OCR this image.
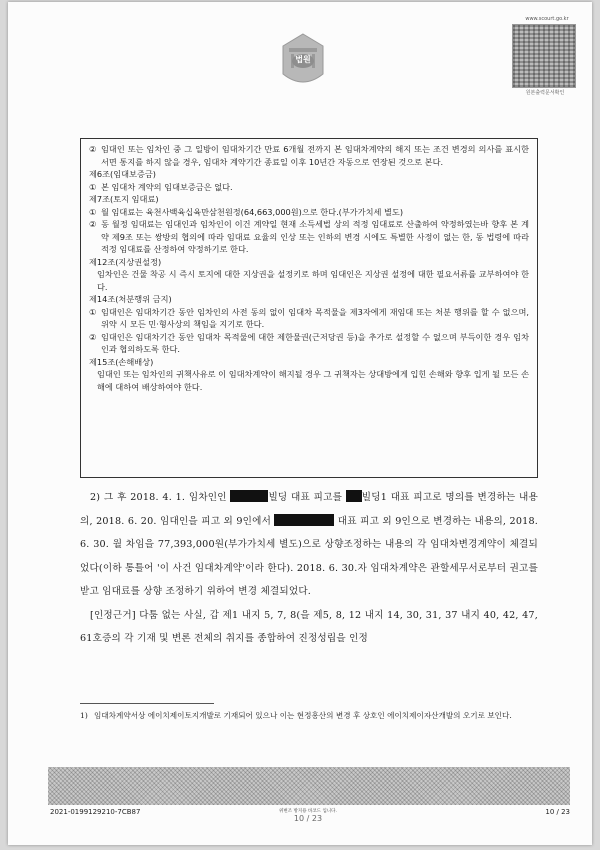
법원
www.scourt.go.kr
원본출력문서확인
② 임대인 또는 임차인 중 그 일방이 임대차기간 만료 6개월 전까지 본 임대차계약의 해지 또는 조건 변경의 의사를 표시한 서면 통지를 하지 않을 경우, 임대차 계약기간 종료일 이후 10년간 자동으로 연장된 것으로 본다.

제6조(임대보증금)

① 본 임대차 계약의 임대보증금은 없다.

제7조(토지 임대료)

① 월 임대료는 육천사백육십육만삼천원정(64,663,000원)으로 한다.(부가가치세 별도)
② 동 월정 임대료는 임대인과 임차인이 이건 계약일 현재 소득세법 상의 적정 임대료로 산출하여 약정하였는바 향후 본 계약 제9조 또는 쌍방의 협의에 따라 임대료 요율의 인상 또는 인하의 변경 시에도 특별한 사정이 없는 한, 동 법령에 따라 적정 임대료를 산정하여 약정하기로 한다.

제12조(지상권설정)

임차인은 건물 착공 시 즉시 토지에 대한 지상권을 설정키로 하며 임대인은 지상권 설정에 대한 필요서류를 교부하여야 한다.

제14조(처분행위 금지)

① 임대인은 임대차기간 동안 임차인의 사전 동의 없이 임대차 목적물을 제3자에게 재임대 또는 처분 행위를 할 수 없으며, 위약 시 모든 민·형사상의 책임을 지기로 한다.
② 임대인은 임대차기간 동안 임대차 목적물에 대한 제한물권(근저당권 등)을 추가로 설정할 수 없으며 부득이한 경우 임차인과 협의하도록 한다.

제15조(손해배상)

임대인 또는 임차인의 귀책사유로 이 임대차계약이 해지될 경우 그 귀책자는 상대방에게 입힌 손해와 향후 입게 될 모든 손해에 대하여 배상하여야 한다.

2) 그 후 2018. 4. 1. 임차인인	빌딩 대표 피고를 빌딩1 대표 피고로 명의를 변경하는 내용의, 2018. 6. 20. 임대인을 피고 외 9인에서	대표 피고 외 9인으로 변경하는 내용의, 2018. 6. 30. 월 차임을 77,393,000원(부가가치세 별도)으로 상향조정하는 내용의 각 임대차변경계약이 체결되었다(이하 통틀어 '이 사건 임대차계약'이라 한다). 2018. 6. 30.자 임대차계약은 관할세무서로부터 권고를 받고 임대료를 상향 조정하기 위하여 변경 체결되었다.

[인정근거] 다툼 없는 사실, 갑 제1 내지 5, 7, 8(을 제5, 8, 12 내지 14, 30, 31, 37 내지 40, 42, 47, 61호증의 각 기재 및 변론 전체의 취지를 종합하여 진정성립을 인정

1) 임대차계약서상 에이치제이토지개발로 기재되어 있으나 이는 현정흥산의 변경 후 상호인 에이치제이자산개발의 오기로 보인다.
2021-0199129210-7CB87	위변조 방지용 바코드 입니다.
10 / 23
10 / 23
